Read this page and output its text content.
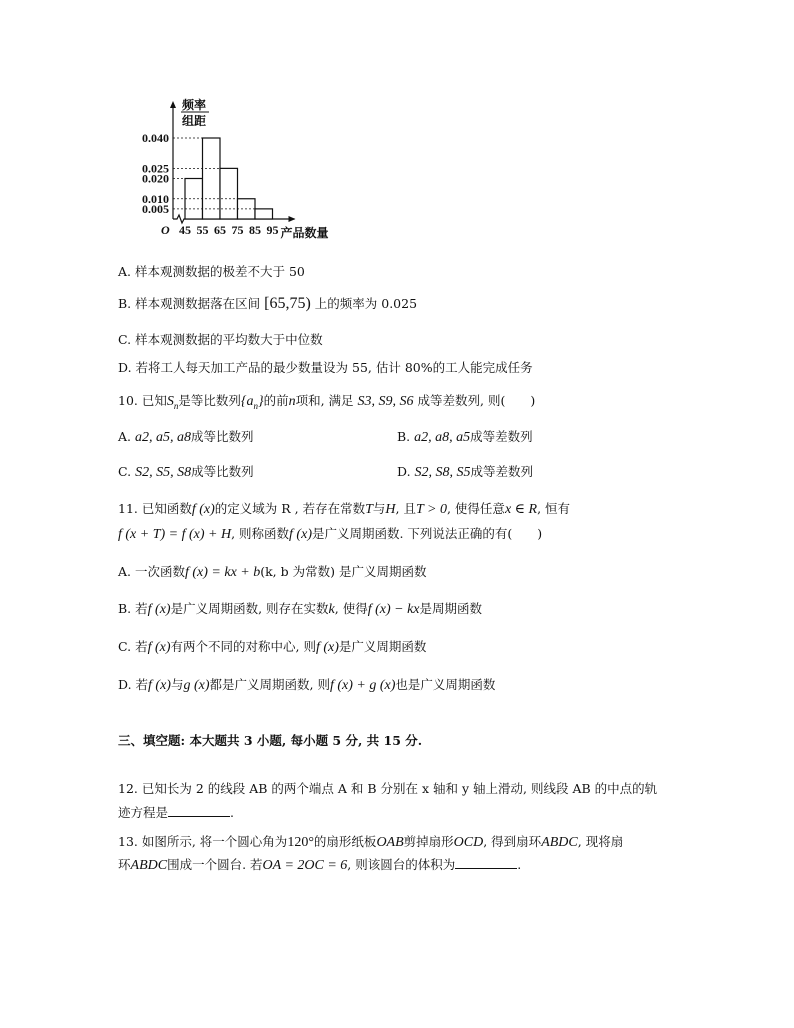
频率
组距
0.040
0.025
0.020
0.010
0.005
45 55 65 75 85 95
O	产品数量
A. 样本观测数据的极差不大于 50
B. 样本观测数据落在区间 [65,75) 上的频率为 0.025
C. 样本观测数据的平均数大于中位数
D. 若将工人每天加工产品的最少数量设为 55, 估计 80%的工人能完成任务
10. 已知$S_n$是等比数列$\{a_n\}$的前n项和, 满足 S3, S9, S6 成等差数列, 则(　　)
A. a2, a5, a8成等比数列	B. a2, a8, a5成等差数列
C. S2, S5, S8成等比数列	D. S2, S8, S5成等差数列
11. 已知函数f (x)的定义域为 R , 若存在常数T与H, 且T > 0, 使得任意x ∈ R, 恒有
f (x + T) = f (x) + H, 则称函数f (x)是广义周期函数. 下列说法正确的有(　　)
A. 一次函数f (x) = kx + b(k, b 为常数) 是广义周期函数
B. 若f (x)是广义周期函数, 则存在实数k, 使得f (x) − kx是周期函数
C. 若f (x)有两个不同的对称中心, 则f (x)是广义周期函数
D. 若f (x)与g (x)都是广义周期函数, 则f (x) + g (x)也是广义周期函数
三、填空题: 本大题共 3 小题, 每小题 5 分, 共 15 分.
12. 已知长为 2 的线段 AB 的两个端点 A 和 B 分别在 x 轴和 y 轴上滑动, 则线段 AB 的中点的轨
迹方程是	.
13. 如图所示, 将一个圆心角为120°的扇形纸板OAB剪掉扇形OCD, 得到扇环ABDC, 现将扇
环ABDC围成一个圆台. 若OA = 2OC = 6, 则该圆台的体积为	.
